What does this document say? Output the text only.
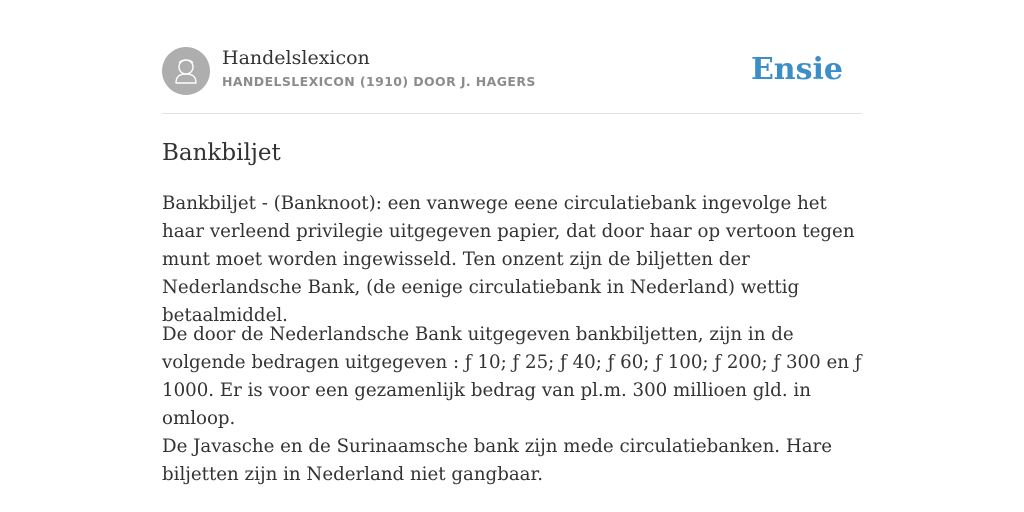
Handelslexicon
HANDELSLEXICON (1910) DOOR J. HAGERS	Ensie
Bankbiljet

Bankbiljet - (Banknoot): een vanwege eene circulatiebank ingevolge het haar verleend privilegie uitgegeven papier, dat door haar op vertoon tegen munt moet worden ingewisseld. Ten onzent zijn de biljetten der Nederlandsche Bank, (de eenige circulatiebank in Nederland) wettig betaalmiddel.

De door de Nederlandsche Bank uitgegeven bankbiljetten, zijn in de volgende bedragen uitgegeven : ƒ 10; ƒ 25; ƒ 40; ƒ 60; ƒ 100; ƒ 200; ƒ 300 en ƒ 1000. Er is voor een gezamenlijk bedrag van pl.m. 300 millioen gld. in omloop.

De Javasche en de Surinaamsche bank zijn mede circulatiebanken. Hare biljetten zijn in Nederland niet gangbaar.
